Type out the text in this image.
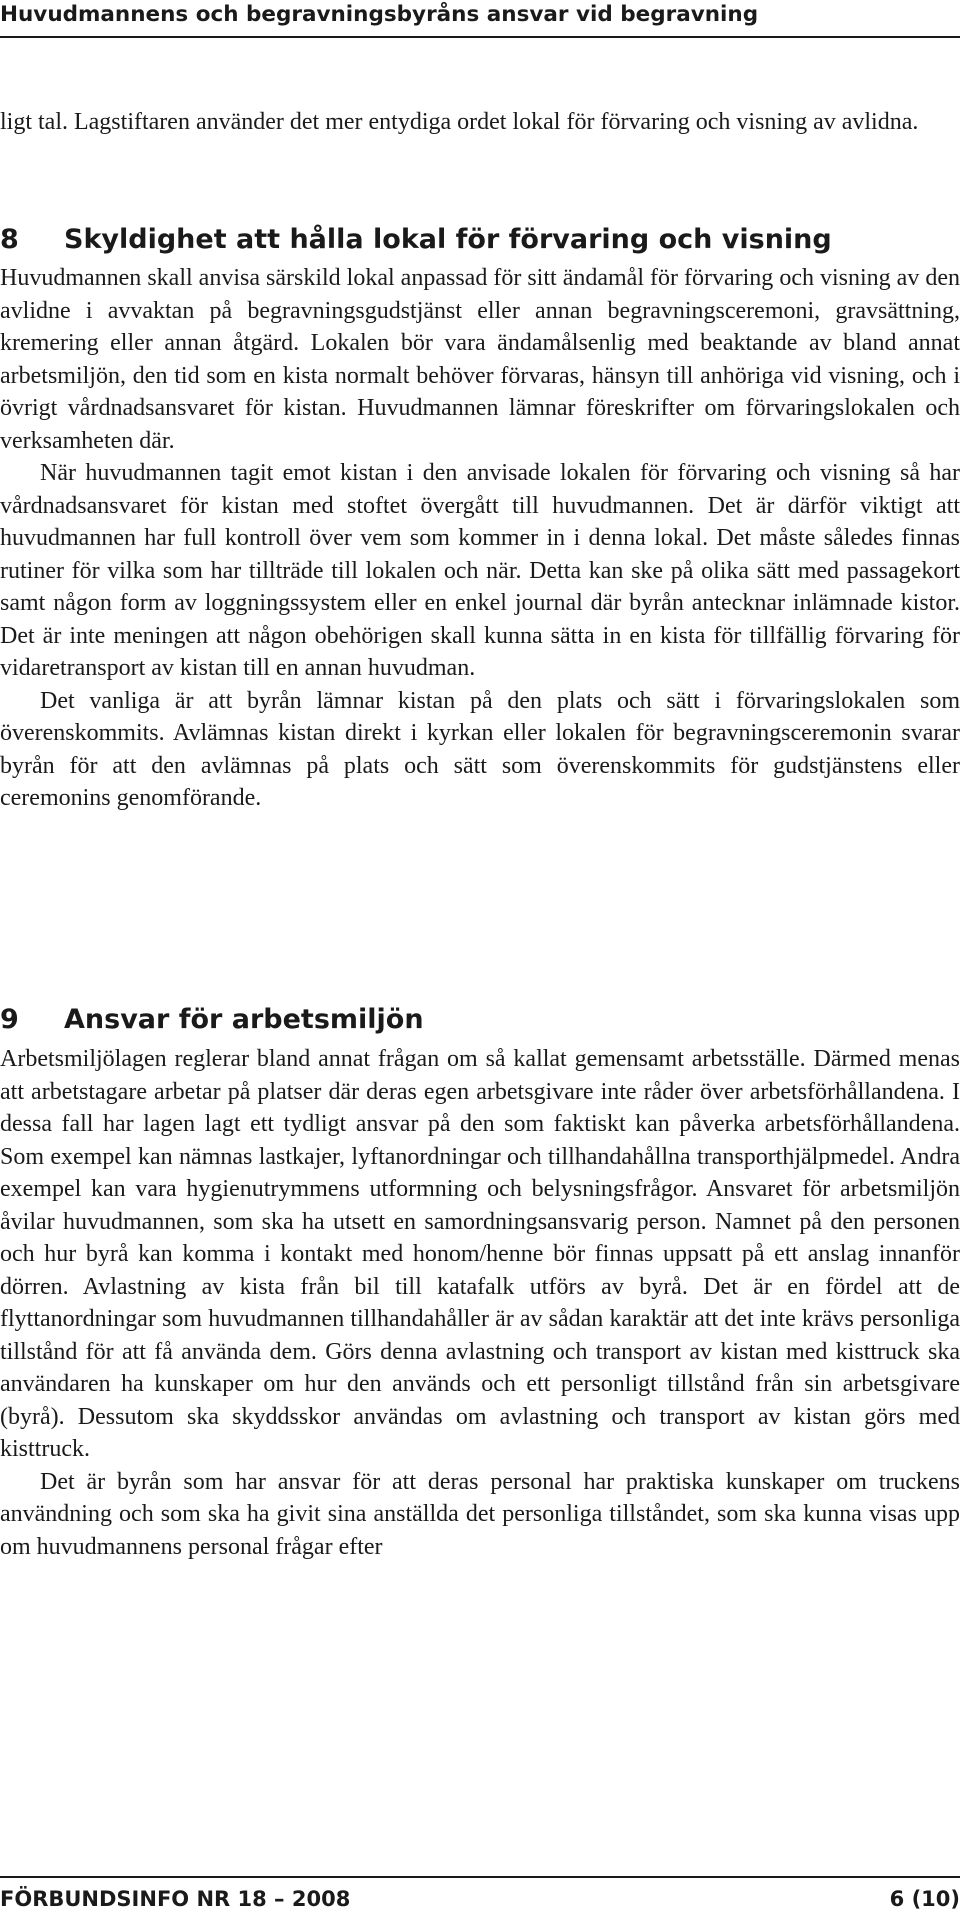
Huvudmannens och begravningsbyråns ansvar vid begravning

ligt tal. Lagstiftaren använder det mer entydiga ordet lokal för förvaring och visning av avlidna.

8 Skyldighet att hålla lokal för förvaring och visning

Huvudmannen skall anvisa särskild lokal anpassad för sitt ändamål för förvaring och visning av den avlidne i avvaktan på begravningsgudstjänst eller annan begravningsceremoni, gravsättning, kremering eller annan åtgärd. Lokalen bör vara ändamålsenlig med beaktande av bland annat arbetsmiljön, den tid som en kista normalt behöver förvaras, hänsyn till anhöriga vid visning, och i övrigt vårdnadsansvaret för kistan. Huvudmannen lämnar föreskrifter om förvaringslokalen och verksamheten där.

När huvudmannen tagit emot kistan i den anvisade lokalen för förvaring och visning så har vårdnadsansvaret för kistan med stoftet övergått till huvudmannen. Det är därför viktigt att huvudmannen har full kontroll över vem som kommer in i denna lokal. Det måste således finnas rutiner för vilka som har tillträde till lokalen och när. Detta kan ske på olika sätt med passagekort samt någon form av loggningssystem eller en enkel journal där byrån antecknar inlämnade kistor. Det är inte meningen att någon obehörigen skall kunna sätta in en kista för tillfällig förvaring för vidaretransport av kistan till en annan huvudman.

Det vanliga är att byrån lämnar kistan på den plats och sätt i förvaringslokalen som överenskommits. Avlämnas kistan direkt i kyrkan eller lokalen för begravningsceremonin svarar byrån för att den avlämnas på plats och sätt som överenskommits för gudstjänstens eller ceremonins genomförande.

9 Ansvar för arbetsmiljön

Arbetsmiljölagen reglerar bland annat frågan om så kallat gemensamt arbetsställe. Därmed menas att arbetstagare arbetar på platser där deras egen arbetsgivare inte råder över arbetsförhållandena. I dessa fall har lagen lagt ett tydligt ansvar på den som faktiskt kan påverka arbetsförhållandena. Som exempel kan nämnas lastkajer, lyftanordningar och tillhandahållna transporthjälpmedel. Andra exempel kan vara hygienutrymmens utformning och belysningsfrågor. Ansvaret för arbetsmiljön åvilar huvudmannen, som ska ha utsett en samordningsansvarig person. Namnet på den personen och hur byrå kan komma i kontakt med honom/henne bör finnas uppsatt på ett anslag innanför dörren. Avlastning av kista från bil till katafalk utförs av byrå. Det är en fördel att de flyttanordningar som huvudmannen tillhandahåller är av sådan karaktär att det inte krävs personliga tillstånd för att få använda dem. Görs denna avlastning och transport av kistan med kisttruck ska användaren ha kunskaper om hur den används och ett personligt tillstånd från sin arbetsgivare (byrå). Dessutom ska skyddsskor användas om avlastning och transport av kistan görs med kisttruck.

Det är byrån som har ansvar för att deras personal har praktiska kunskaper om truckens användning och som ska ha givit sina anställda det personliga tillståndet, som ska kunna visas upp om huvudmannens personal frågar efter

FÖRBUNDSINFO NR 18 – 2008	6 (10)
